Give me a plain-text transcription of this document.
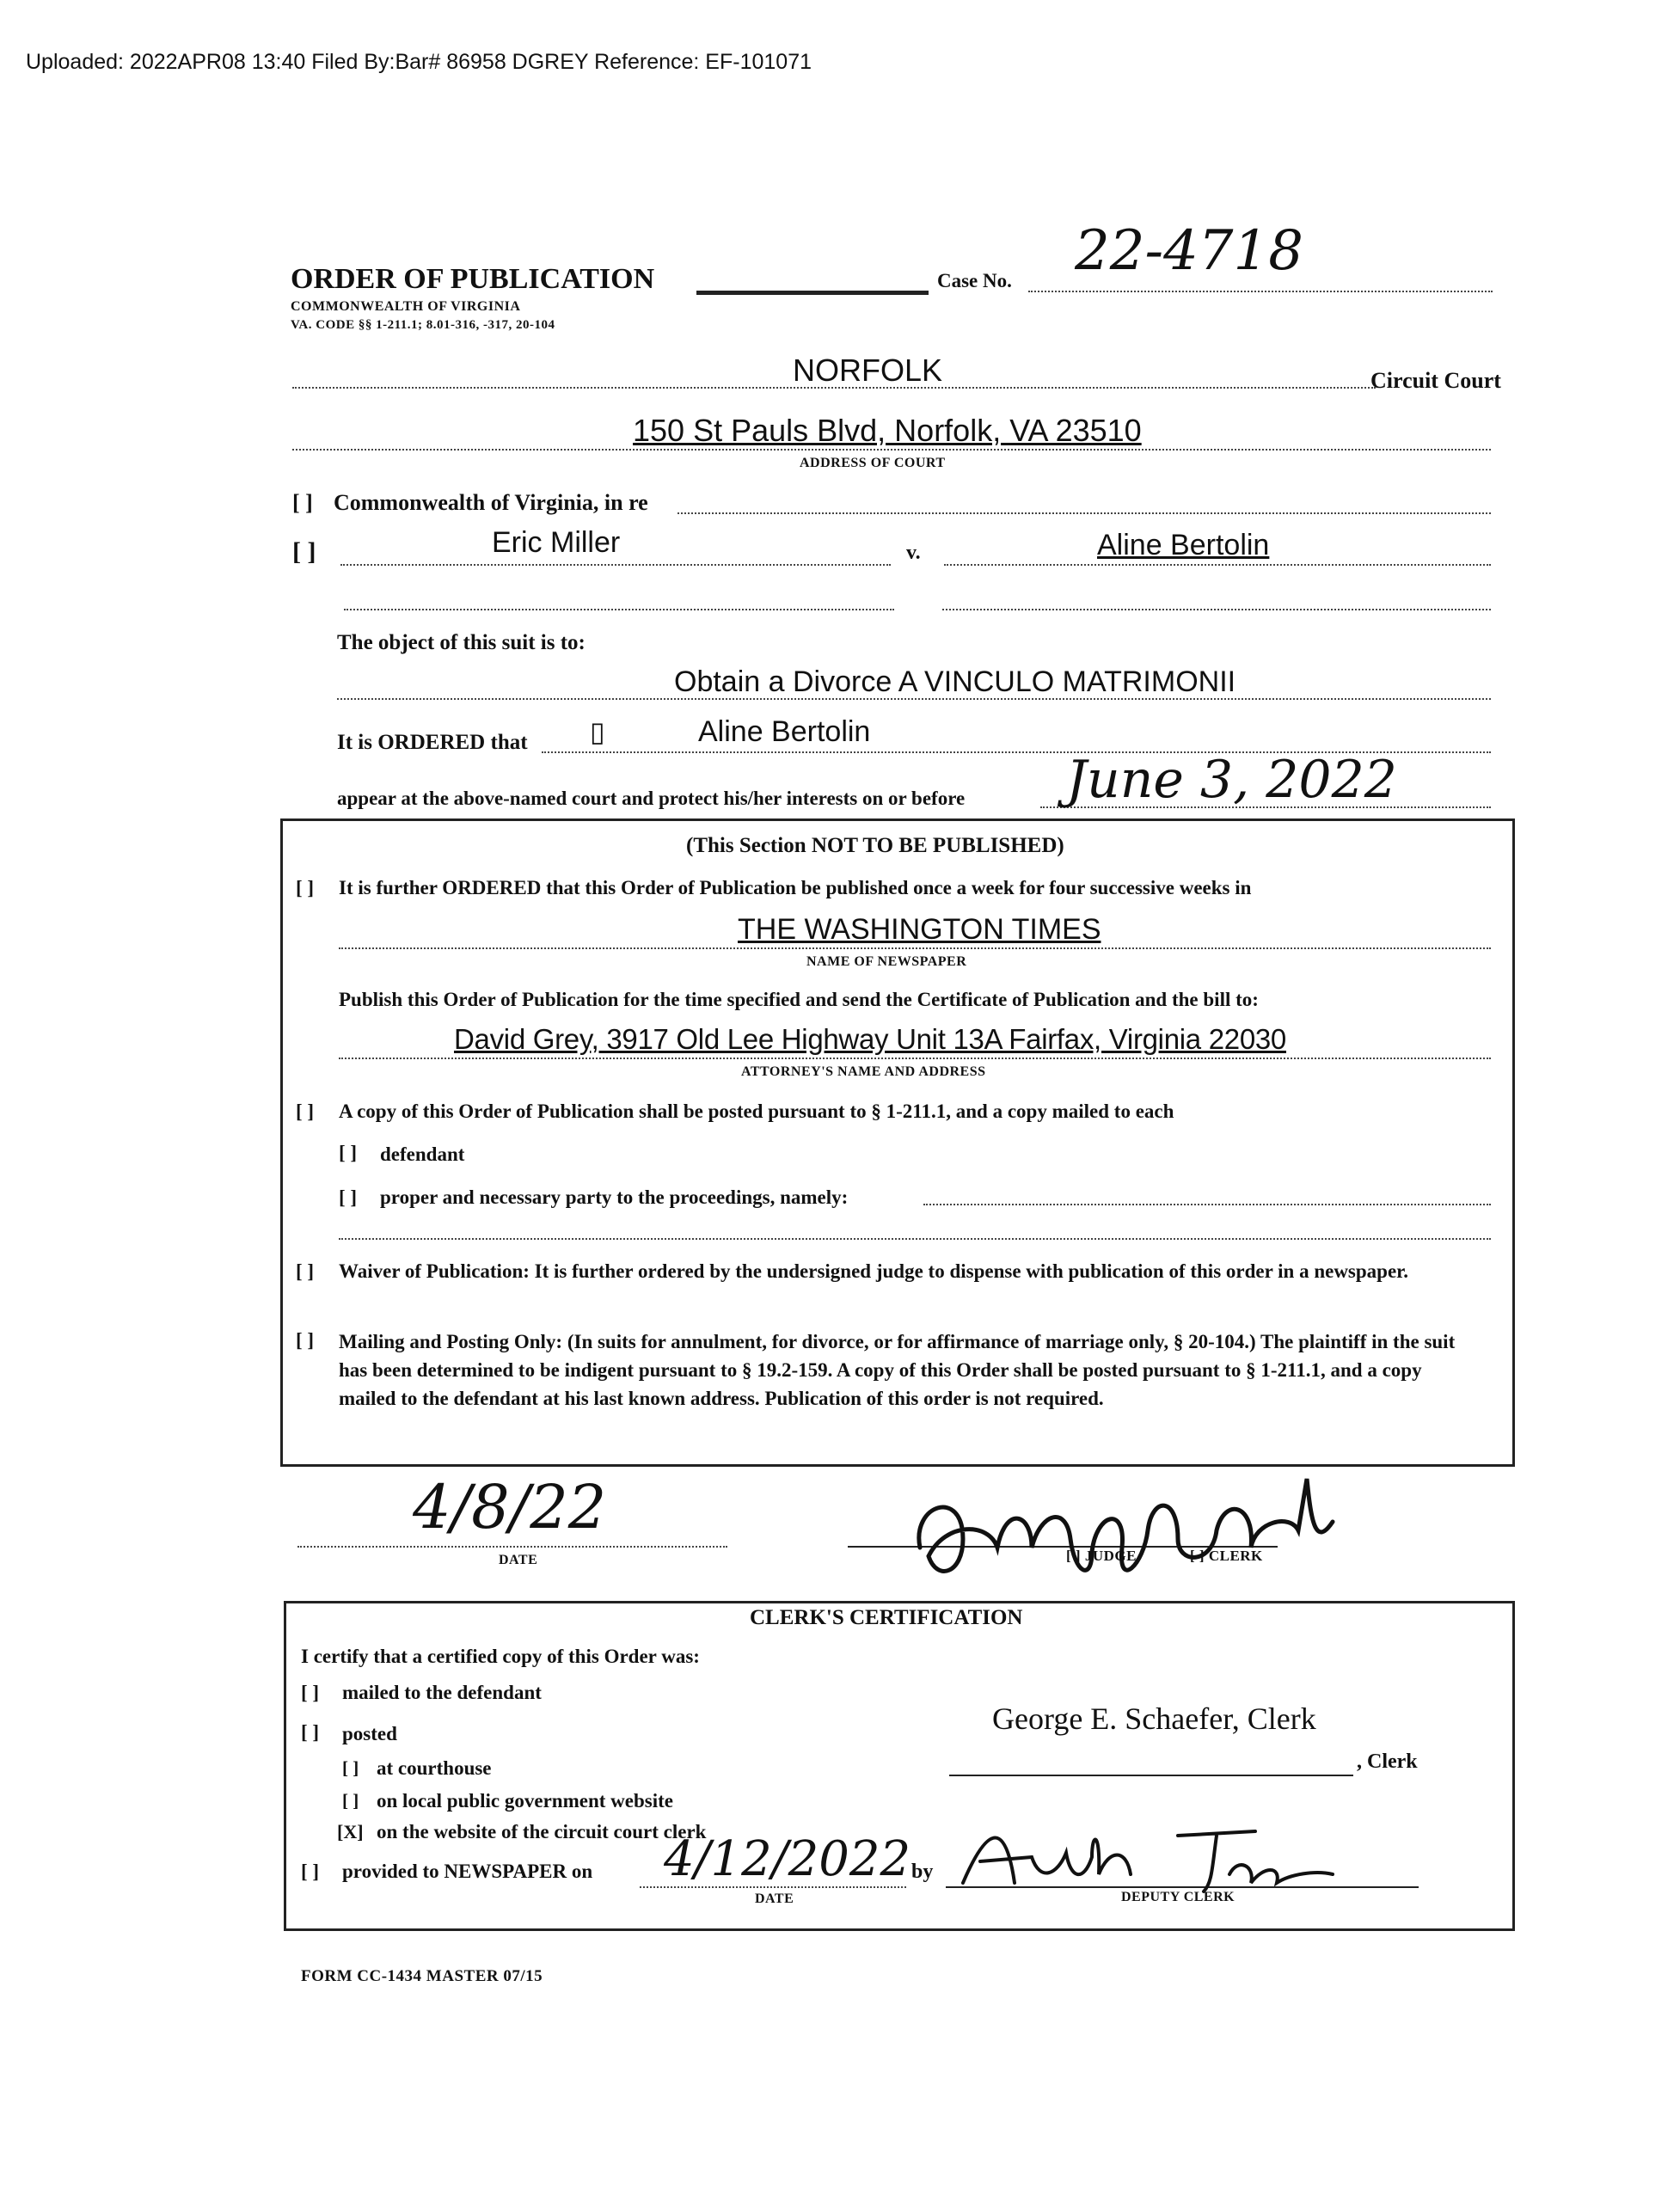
Uploaded: 2022APR08 13:40 Filed By:Bar# 86958 DGREY Reference: EF-101071
ORDER OF PUBLICATION
COMMONWEALTH OF VIRGINIA
VA. CODE §§ 1-211.1; 8.01-316, -317, 20-104
Case No. 22-4718
NORFOLK	Circuit Court
150 St Pauls Blvd, Norfolk, VA 23510
ADDRESS OF COURT
[ ] Commonwealth of Virginia, in re
[ ]	Eric Miller	v.	Aline Bertolin
The object of this suit is to:
Obtain a Divorce A VINCULO MATRIMONII
It is ORDERED that ▯	Aline Bertolin
appear at the above-named court and protect his/her interests on or before June 3, 2022
(This Section NOT TO BE PUBLISHED)
[ ] It is further ORDERED that this Order of Publication be published once a week for four successive weeks in
THE WASHINGTON TIMES
NAME OF NEWSPAPER
Publish this Order of Publication for the time specified and send the Certificate of Publication and the bill to:
David Grey, 3917 Old Lee Highway Unit 13A Fairfax, Virginia 22030
ATTORNEY'S NAME AND ADDRESS
[ ] A copy of this Order of Publication shall be posted pursuant to § 1-211.1, and a copy mailed to each
[ ] defendant
[ ] proper and necessary party to the proceedings, namely:
[ ] Waiver of Publication: It is further ordered by the undersigned judge to dispense with publication of this order in a newspaper.
[ ] Mailing and Posting Only: (In suits for annulment, for divorce, or for affirmance of marriage only, § 20-104.) The plaintiff in the suit has been determined to be indigent pursuant to § 19.2-159. A copy of this Order shall be posted pursuant to § 1-211.1, and a copy mailed to the defendant at his last known address. Publication of this order is not required.
4/8/22
DATE	[ ] JUDGE	[ ] CLERK
CLERK'S CERTIFICATION
I certify that a certified copy of this Order was:
[ ] mailed to the defendant
[ ] posted
[ ] at courthouse
[ ] on local public government website
[X] on the website of the circuit court clerk
[ ] provided to NEWSPAPER on 4/12/2022
DATE
by
DEPUTY CLERK
George E. Schaefer, Clerk
, Clerk
FORM CC-1434 MASTER 07/15
